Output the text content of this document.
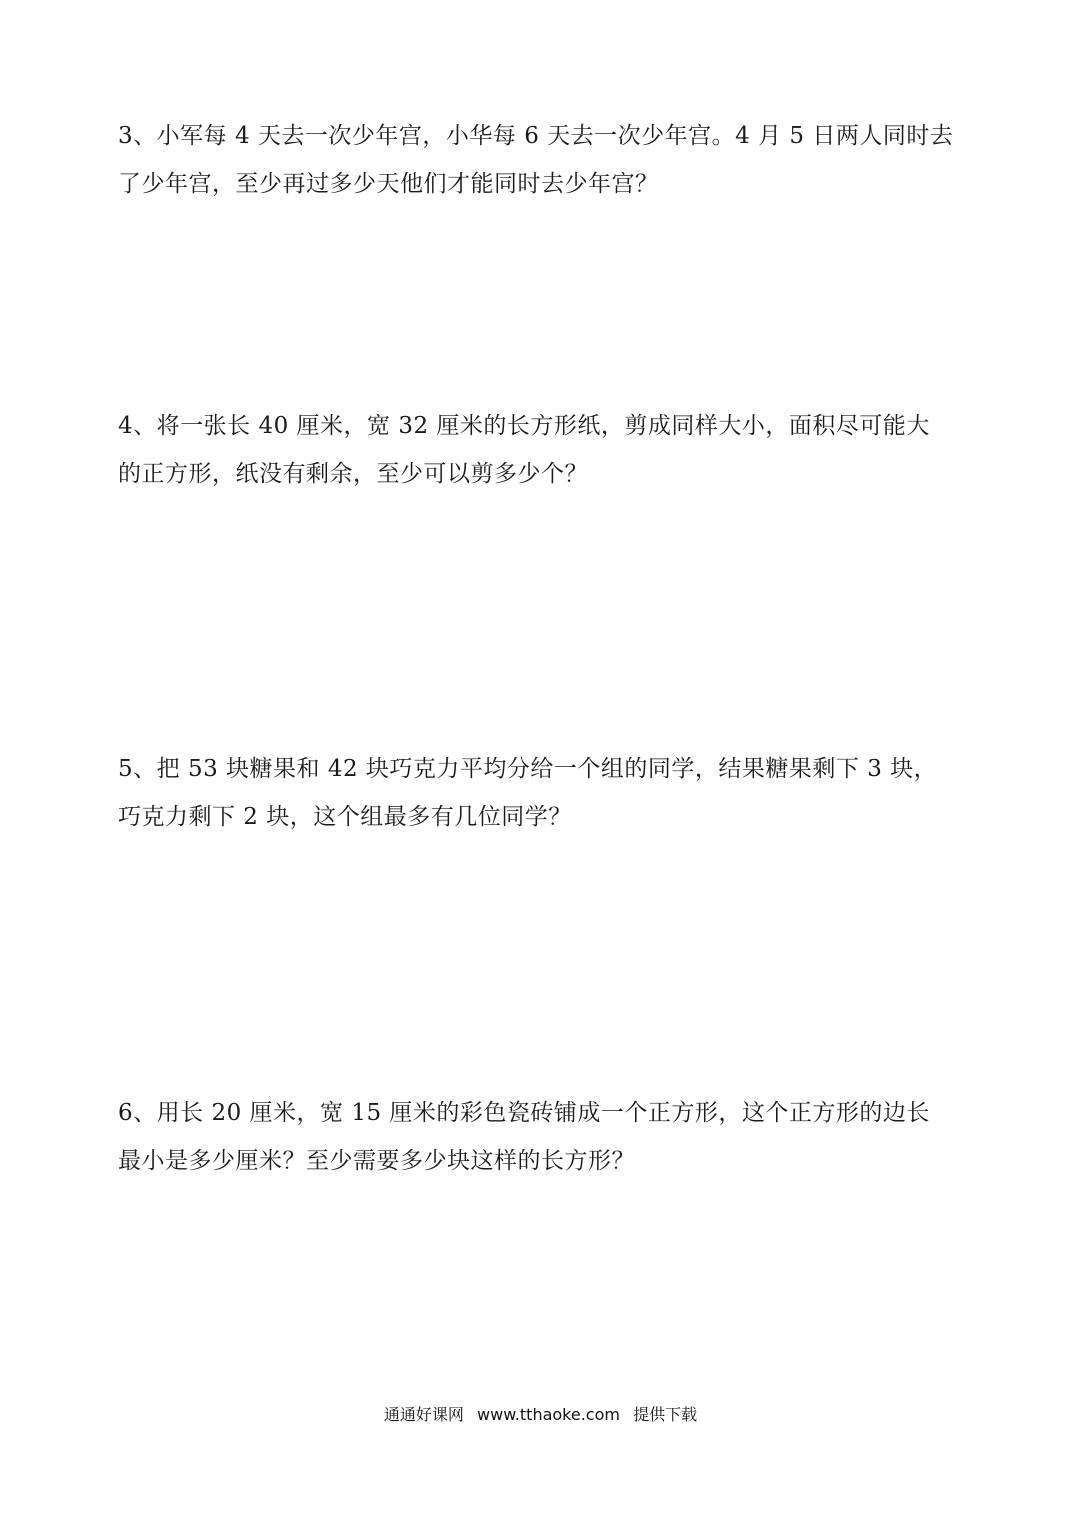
3、小军每 4 天去一次少年宫，小华每 6 天去一次少年宫。4 月 5 日两人同时去
了少年宫，至少再过多少天他们才能同时去少年宫？
4、将一张长 40 厘米，宽 32 厘米的长方形纸，剪成同样大小，面积尽可能大
的正方形，纸没有剩余，至少可以剪多少个？
5、把 53 块糖果和 42 块巧克力平均分给一个组的同学，结果糖果剩下 3 块，
巧克力剩下 2 块，这个组最多有几位同学？
6、用长 20 厘米，宽 15 厘米的彩色瓷砖铺成一个正方形，这个正方形的边长
最小是多少厘米？至少需要多少块这样的长方形？
通通好课网 www.tthaoke.com 提供下载
